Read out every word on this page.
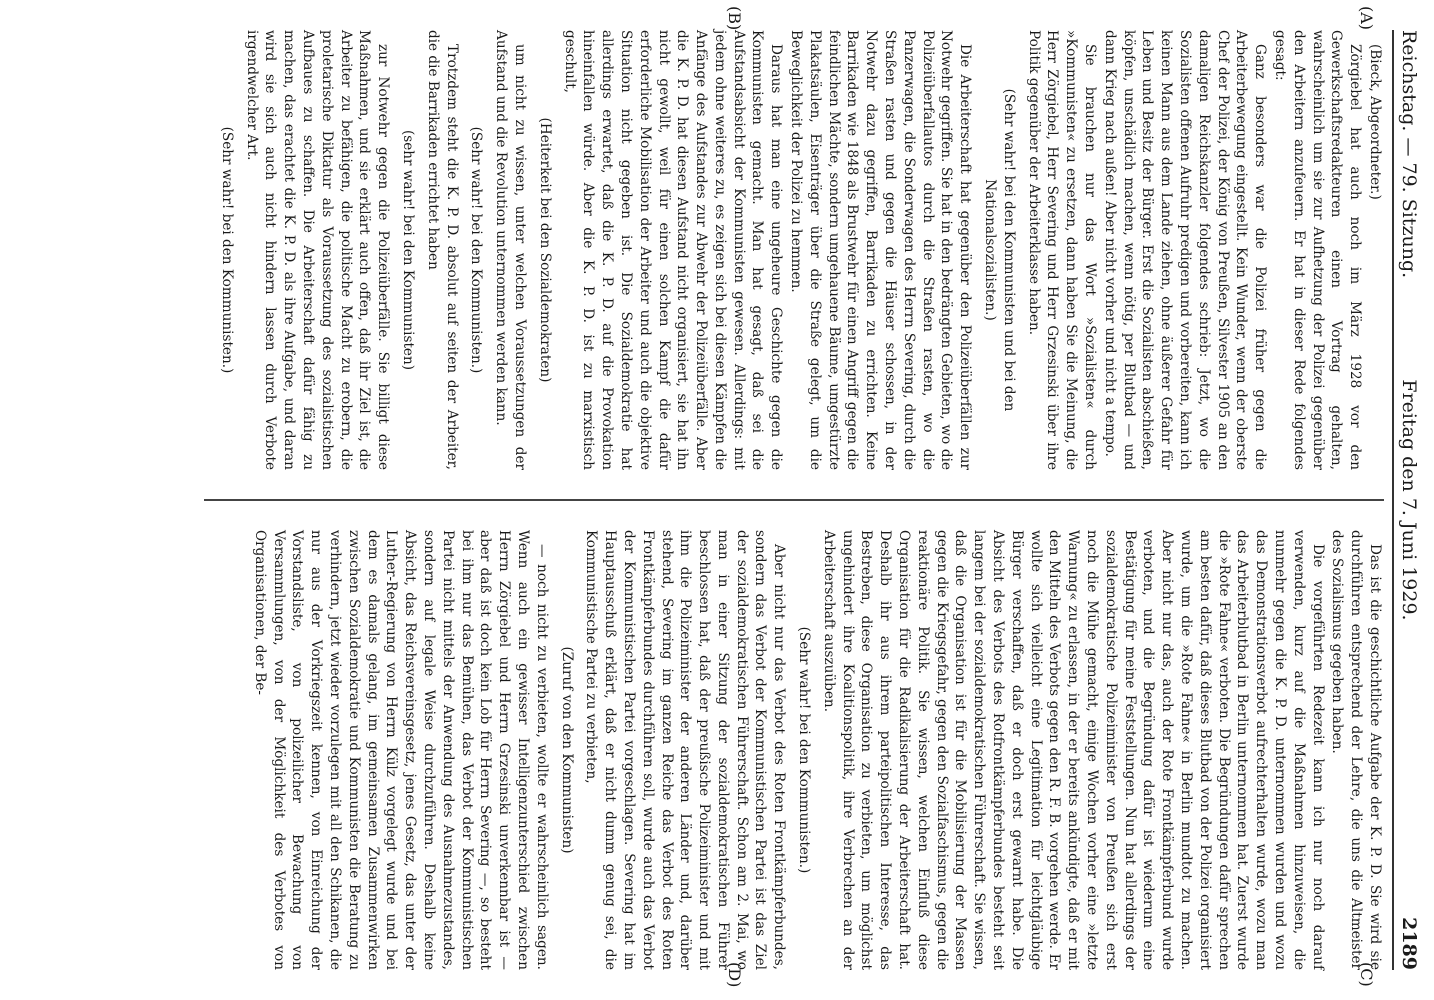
Reichstag. — 79. Sitzung.
Freitag den 7. Juni 1929.
2189

(Bieck, Abgeordneter.)

Zörgiebel hat auch noch im März 1928 vor den Gewerkschaftsredakteuren einen Vortrag gehalten, wahrscheinlich um sie zur Aufhetzung der Polizei gegenüber den Arbeitern anzufeuern. Er hat in dieser Rede folgendes gesagt:

Ganz besonders war die Polizei früher gegen die Arbeiterbewegung eingestellt. Kein Wunder, wenn der oberste Chef der Polizei, der König von Preußen, Silvester 1905 an den damaligen Reichskanzler folgendes schrieb: Jetzt, wo die Sozialisten offenen Aufruhr predigen und vorbereiten, kann ich keinen Mann aus dem Lande ziehen, ohne äußerer Gefahr für Leben und Besitz der Bürger. Erst die Sozialisten abschießen, köpfen, unschädlich machen, wenn nötig, per Blutbad — und dann Krieg nach außen! Aber nicht vorher und nicht a tempo.

Sie brauchen nur das Wort »Sozialisten« durch »Kommunisten« zu ersetzen, dann haben Sie die Meinung, die Herr Zörgiebel, Herr Severing und Herr Grzesinski über ihre Politik gegenüber der Arbeiterklasse haben.

(Sehr wahr! bei den Kommunisten und bei den Nationalsozialisten.)

Die Arbeiterschaft hat gegenüber den Polizeiüberfällen zur Notwehr gegriffen. Sie hat in den bedrängten Gebieten, wo die Polizeiüberfallautos durch die Straßen rasten, wo die Panzerwagen, die Sonderwagen des Herrn Severing, durch die Straßen rasten und gegen die Häuser schossen, in der Notwehr dazu gegriffen, Barrikaden zu errichten. Keine Barrikaden wie 1848 als Brustwehr für einen Angriff gegen die feindlichen Mächte, sondern umgehauene Bäume, umgestürzte Plakatsäulen, Eisenträger über die Straße gelegt, um die Beweglichkeit der Polizei zu hemmen.

Daraus hat man eine ungeheure Geschichte gegen die Kommunisten gemacht. Man hat gesagt, daß sei die Aufstandsabsicht der Kommunisten gewesen. Allerdings: mit jedem ohne weiteres zu, es zeigen sich bei diesen Kämpfen die Anfänge des Aufstandes zur Abwehr der Polizeiüberfälle. Aber die K. P. D. hat diesen Aufstand nicht organisiert, sie hat ihn nicht gewollt, weil für einen solchen Kampf die dafür erforderliche Mobilisation der Arbeiter und auch die objektive Situation nicht gegeben ist. Die Sozialdemokratie hat allerdings erwartet, daß die K. P. D. auf die Provokation hineinfallen würde. Aber die K. P. D. ist zu marxistisch geschult,

(Heiterkeit bei den Sozialdemokraten)

um nicht zu wissen, unter welchen Voraussetzungen der Aufstand und die Revolution unternommen werden kann.

(Sehr wahr! bei den Kommunisten.)

Trotzdem steht die K. P. D. absolut auf seiten der Arbeiter, die die Barrikaden errichtet haben

(sehr wahr! bei den Kommunisten)

zur Notwehr gegen die Polizeiüberfälle. Sie billigt diese Maßnahmen, und sie erklärt auch offen, daß ihr Ziel ist, die Arbeiter zu befähigen, die politische Macht zu erobern, die proletarische Diktatur als Voraussetzung des sozialistischen Aufbaues zu schaffen. Die Arbeiterschaft dafür fähig zu machen, das erachtet die K. P. D. als ihre Aufgabe, und daran wird sie sich auch nicht hindern lassen durch Verbote irgendwelcher Art.

(Sehr wahr! bei den Kommunisten.)

Das ist die geschichtliche Aufgabe der K. P. D. Sie wird sie durchführen entsprechend der Lehre, die uns die Altmeister des Sozialismus gegeben haben.

Die vorgeführten Redezeit kann ich nur noch darauf verwenden, kurz auf die Maßnahmen hinzuweisen, die nunmehr gegen die K. P. D. unternommen wurden und wozu das Demonstrationsverbot aufrechterhalten wurde, wozu man das Arbeiterblutbad in Berlin unternommen hat. Zuerst wurde die »Rote Fahne« verboten. Die Begründungen dafür sprechen am besten dafür, daß dieses Blutbad von der Polizei organisiert wurde, um die »Rote Fahne« in Berlin mundtot zu machen. Aber nicht nur das, auch der Rote Frontkämpferbund wurde verboten, und die Begründung dafür ist wiederum eine Bestätigung für meine Feststellungen. Nun hat allerdings der sozialdemokratische Polizeiminister von Preußen sich erst noch die Mühe gemacht, einige Wochen vorher eine »letzte Warnung« zu erlassen, in der er bereits ankündigte, daß er mit den Mitteln des Verbots gegen den R. F. B. vorgehen werde. Er wollte sich vielleicht eine Legitimation für leichtgläubige Bürger verschaffen, daß er doch erst gewarnt habe. Die Absicht des Verbots des Rotfrontkämpferbundes besteht seit langem bei der sozialdemokratischen Führerschaft. Sie wissen, daß die Organisation ist für die Mobilisierung der Massen gegen die Kriegsgefahr, gegen den Sozialfaschismus, gegen die reaktionäre Politik. Sie wissen, welchen Einfluß diese Organisation für die Radikalisierung der Arbeiterschaft hat. Deshalb ihr aus ihrem parteipolitischen Interesse, das Bestreben, diese Organisation zu verbieten, um möglichst ungehindert ihre Koalitionspolitik, ihre Verbrechen an der Arbeiterschaft auszuüben.

(Sehr wahr! bei den Kommunisten.)

Aber nicht nur das Verbot des Roten Frontkämpferbundes, sondern das Verbot der Kommunistischen Partei ist das Ziel der sozialdemokratischen Führerschaft. Schon am 2. Mai, wo man in einer Sitzung der sozialdemokratischen Führer beschlossen hat, daß der preußische Polizeiminister und mit ihm die Polizeiminister der anderen Länder und, darüber stehend, Severing im ganzen Reiche das Verbot des Roten Frontkämpferbundes durchführen soll, wurde auch das Verbot der Kommunistischen Partei vorgeschlagen. Severing hat im Hauptausschuß erklärt, daß er nicht dumm genug sei, die Kommunistische Partei zu verbieten,

(Zuruf von den Kommunisten)

— noch nicht zu verbieten, wollte er wahrscheinlich sagen. Wenn auch ein gewisser Intelligenzunterschied zwischen Herrn Zörgiebel und Herrn Grzesinski unverkennbar ist — aber daß ist doch kein Lob für Herrn Severing —, so besteht bei ihm nur das Bemühen, das Verbot der Kommunistischen Partei nicht mittels der Anwendung des Ausnahmezustandes, sondern auf legale Weise durchzuführen. Deshalb keine Absicht, das Reichsvereinsgesetz, jenes Gesetz, das unter der Luther-Regierung von Herrn Külz vorgelegt wurde und bei dem es damals gelang, im gemeinsamen Zusammenwirken zwischen Sozialdemokratie und Kommunisten die Beratung zu verhindern, jetzt wieder vorzulegen mit all den Schikanen, die nur aus der Vorkriegszeit kennen, von Einreichung der Vorstandsliste, von polizeilicher Bewachung von Versammlungen, von der Möglichkeit des Verbotes von Organisationen, der Be-

(A)
(B)
(C)
(D)
